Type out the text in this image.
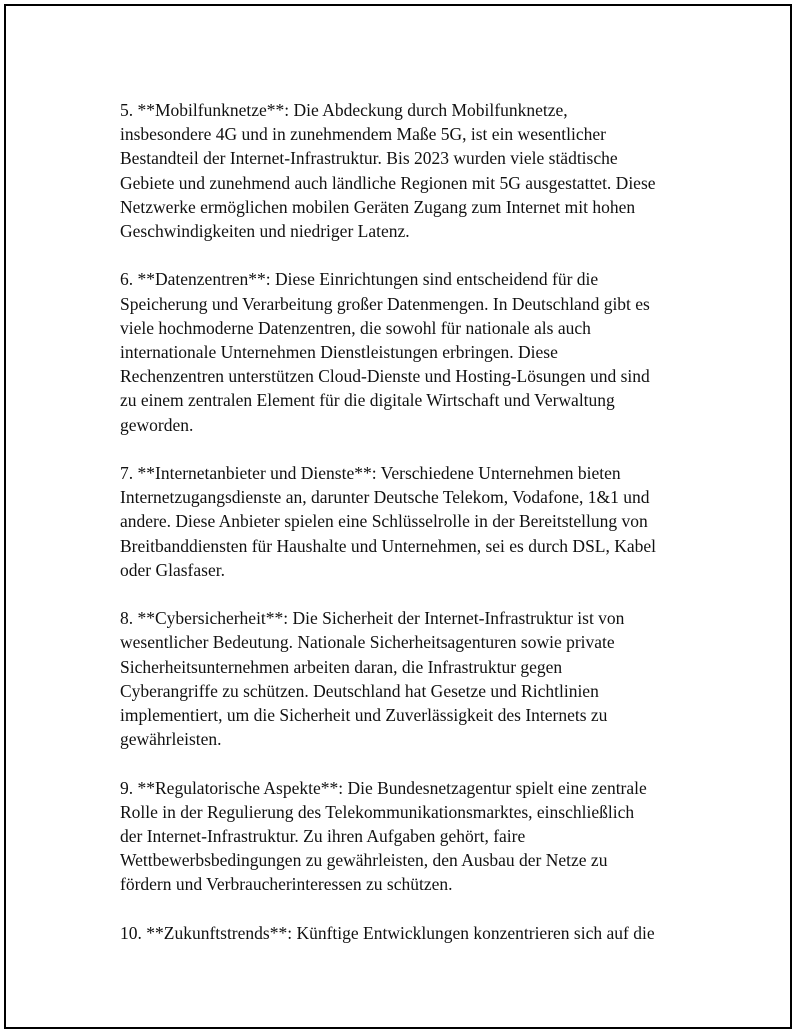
5. **Mobilfunknetze**: Die Abdeckung durch Mobilfunknetze,
insbesondere 4G und in zunehmendem Maße 5G, ist ein wesentlicher
Bestandteil der Internet-Infrastruktur. Bis 2023 wurden viele städtische
Gebiete und zunehmend auch ländliche Regionen mit 5G ausgestattet. Diese
Netzwerke ermöglichen mobilen Geräten Zugang zum Internet mit hohen
Geschwindigkeiten und niedriger Latenz.

6. **Datenzentren**: Diese Einrichtungen sind entscheidend für die
Speicherung und Verarbeitung großer Datenmengen. In Deutschland gibt es
viele hochmoderne Datenzentren, die sowohl für nationale als auch
internationale Unternehmen Dienstleistungen erbringen. Diese
Rechenzentren unterstützen Cloud-Dienste und Hosting-Lösungen und sind
zu einem zentralen Element für die digitale Wirtschaft und Verwaltung
geworden.

7. **Internetanbieter und Dienste**: Verschiedene Unternehmen bieten
Internetzugangsdienste an, darunter Deutsche Telekom, Vodafone, 1&1 und
andere. Diese Anbieter spielen eine Schlüsselrolle in der Bereitstellung von
Breitbanddiensten für Haushalte und Unternehmen, sei es durch DSL, Kabel
oder Glasfaser.

8. **Cybersicherheit**: Die Sicherheit der Internet-Infrastruktur ist von
wesentlicher Bedeutung. Nationale Sicherheitsagenturen sowie private
Sicherheitsunternehmen arbeiten daran, die Infrastruktur gegen
Cyberangriffe zu schützen. Deutschland hat Gesetze und Richtlinien
implementiert, um die Sicherheit und Zuverlässigkeit des Internets zu
gewährleisten.

9. **Regulatorische Aspekte**: Die Bundesnetzagentur spielt eine zentrale
Rolle in der Regulierung des Telekommunikationsmarktes, einschließlich
der Internet-Infrastruktur. Zu ihren Aufgaben gehört, faire
Wettbewerbsbedingungen zu gewährleisten, den Ausbau der Netze zu
fördern und Verbraucherinteressen zu schützen.

10. **Zukunftstrends**: Künftige Entwicklungen konzentrieren sich auf die
